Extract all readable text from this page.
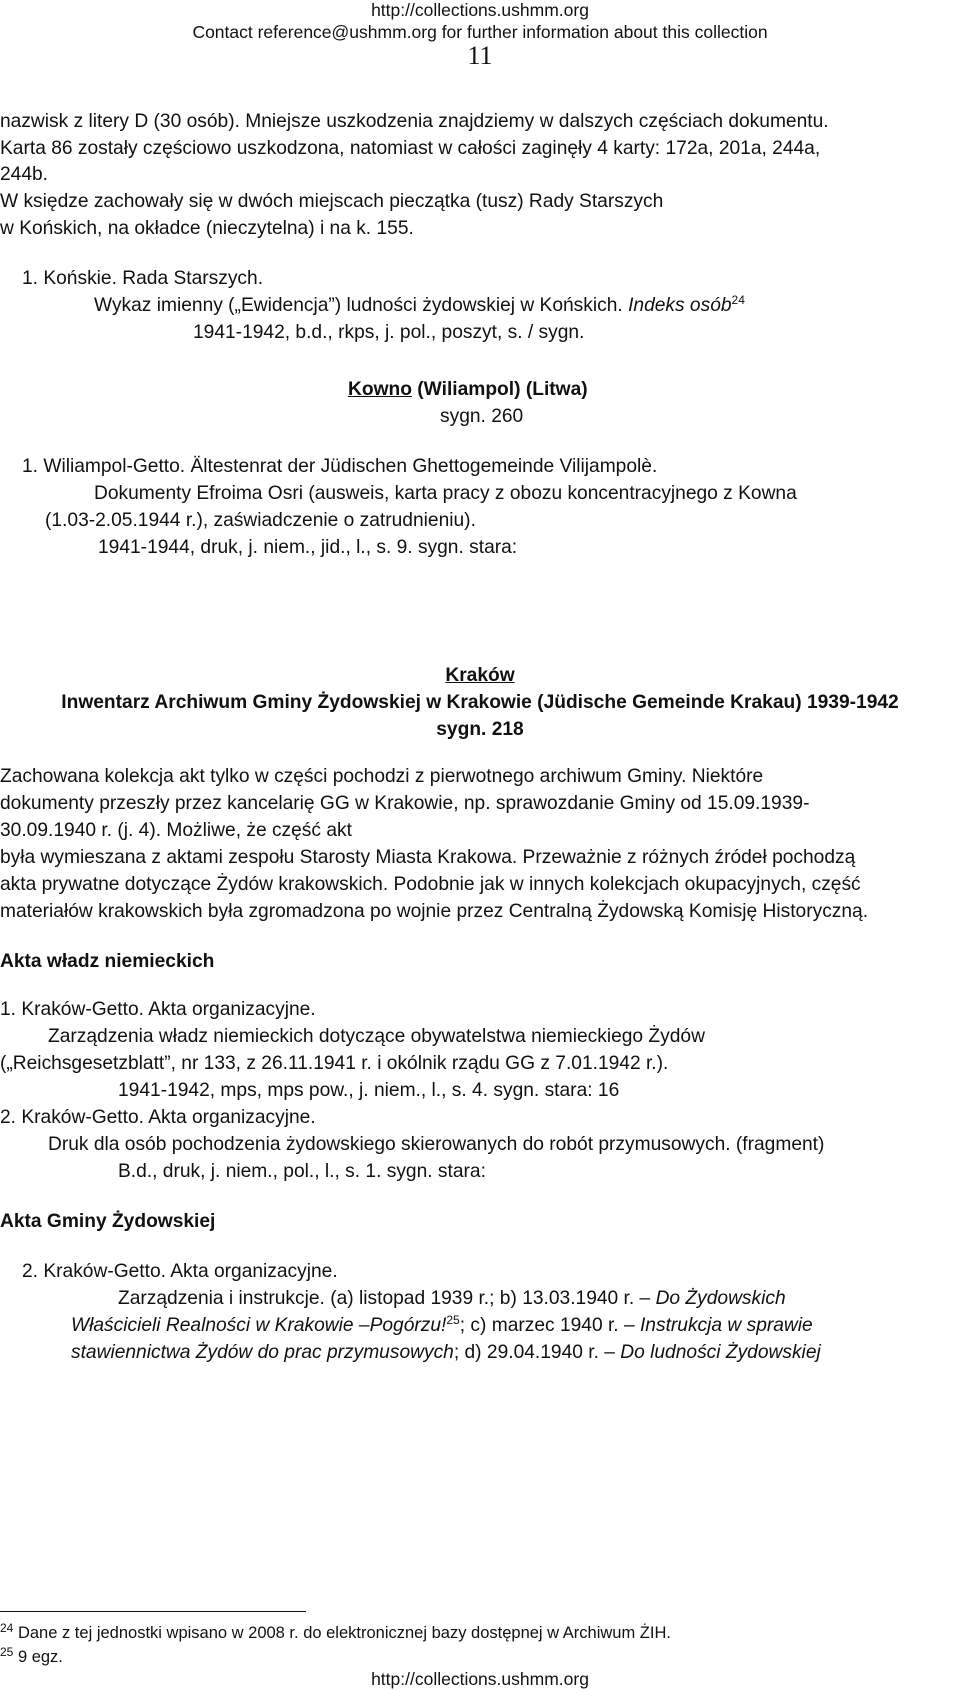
http://collections.ushmm.org
Contact reference@ushmm.org for further information about this collection
11
nazwisk z litery D (30 osób). Mniejsze uszkodzenia znajdziemy w dalszych częściach dokumentu.
Karta 86 zostały częściowo uszkodzona, natomiast w całości zaginęły 4 karty: 172a, 201a, 244a,
244b.
W księdze zachowały się w dwóch miejscach pieczątka (tusz) Rady Starszych
w Końskich, na okładce (nieczytelna) i na k. 155.
1. Końskie. Rada Starszych.
Wykaz imienny („Ewidencja”) ludności żydowskiej w Końskich. Indeks osób$^{24}$
1941-1942, b.d., rkps, j. pol., poszyt, s. / sygn.
Kowno (Wiliampol) (Litwa)
sygn. 260
1. Wiliampol-Getto. Ältestenrat der Jüdischen Ghettogemeinde Vilijampolè.
Dokumenty Efroima Osri (ausweis, karta pracy z obozu koncentracyjnego z Kowna
(1.03-2.05.1944 r.), zaświadczenie o zatrudnieniu).
1941-1944, druk, j. niem., jid., l., s. 9. sygn. stara:
Kraków
Inwentarz Archiwum Gminy Żydowskiej w Krakowie (Jüdische Gemeinde Krakau) 1939-1942
sygn. 218
Zachowana kolekcja akt tylko w części pochodzi z pierwotnego archiwum Gminy. Niektóre
dokumenty przeszły przez kancelarię GG w Krakowie, np. sprawozdanie Gminy od 15.09.1939-
30.09.1940 r. (j. 4). Możliwe, że część akt
była wymieszana z aktami zespołu Starosty Miasta Krakowa. Przeważnie z różnych źródeł pochodzą
akta prywatne dotyczące Żydów krakowskich. Podobnie jak w innych kolekcjach okupacyjnych, część
materiałów krakowskich była zgromadzona po wojnie przez Centralną Żydowską Komisję Historyczną.
Akta władz niemieckich
1. Kraków-Getto. Akta organizacyjne.
Zarządzenia władz niemieckich dotyczące obywatelstwa niemieckiego Żydów
(„Reichsgesetzblatt”, nr 133, z 26.11.1941 r. i okólnik rządu GG z 7.01.1942 r.).
1941-1942, mps, mps pow., j. niem., l., s. 4. sygn. stara: 16
2. Kraków-Getto. Akta organizacyjne.
Druk dla osób pochodzenia żydowskiego skierowanych do robót przymusowych. (fragment)
B.d., druk, j. niem., pol., l., s. 1. sygn. stara:
Akta Gminy Żydowskiej
2. Kraków-Getto. Akta organizacyjne.
Zarządzenia i instrukcje. (a) listopad 1939 r.; b) 13.03.1940 r. – Do Żydowskich
Właścicieli Realności w Krakowie –Pogórzu!$^{25}$; c) marzec 1940 r. – Instrukcja w sprawie
stawiennictwa Żydów do prac przymusowych; d) 29.04.1940 r. – Do ludności Żydowskiej
$^{24}$ Dane z tej jednostki wpisano w 2008 r. do elektronicznej bazy dostępnej w Archiwum ŻIH.
$^{25}$ 9 egz.
http://collections.ushmm.org
